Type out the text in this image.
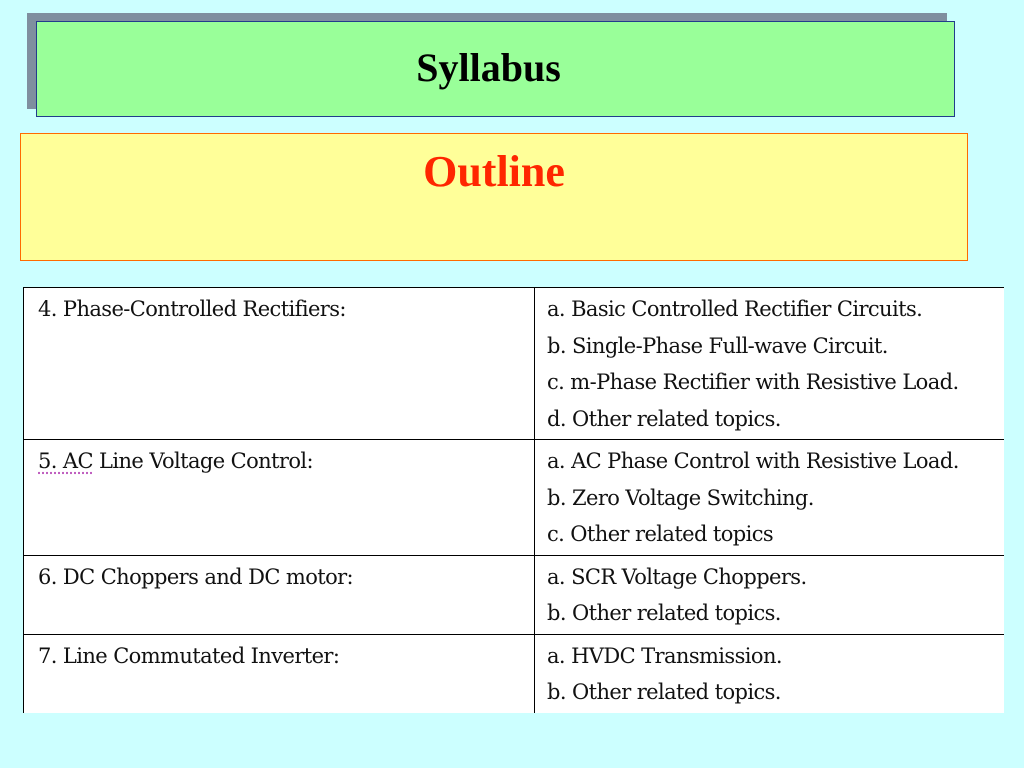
Syllabus
Outline
4. Phase-Controlled Rectifiers:	a. Basic Controlled Rectifier Circuits.
b. Single-Phase Full-wave Circuit.
c. m-Phase Rectifier with Resistive Load.
d. Other related topics.

5. AC Line Voltage Control:	a. AC Phase Control with Resistive Load.
b. Zero Voltage Switching.
c. Other related topics

6. DC Choppers and DC motor:	a. SCR Voltage Choppers.
b. Other related topics.

7. Line Commutated Inverter:	a. HVDC Transmission.
b. Other related topics.
